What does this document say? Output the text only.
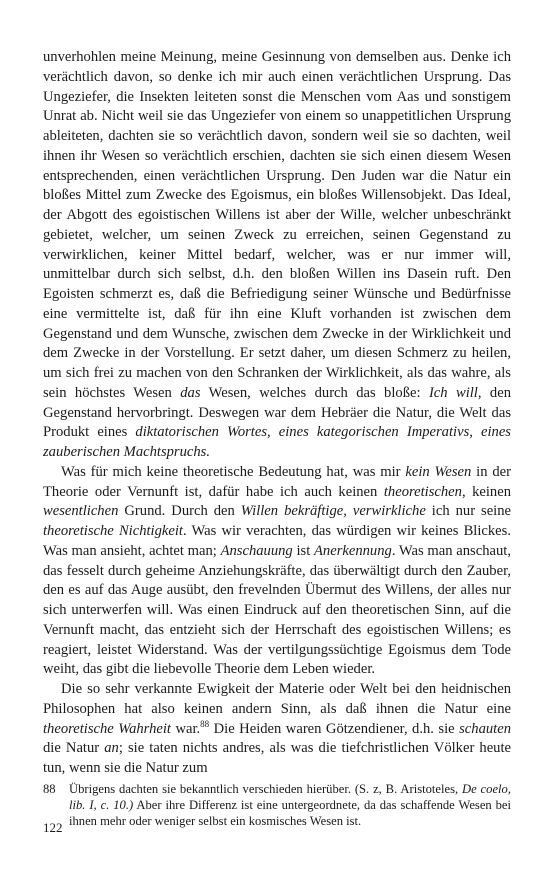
unverhohlen meine Meinung, meine Gesinnung von demselben aus. Denke ich verächtlich davon, so denke ich mir auch einen verächtlichen Ursprung. Das Ungeziefer, die Insekten leiteten sonst die Menschen vom Aas und sonstigem Unrat ab. Nicht weil sie das Ungeziefer von einem so unappetitlichen Ursprung ableiteten, dachten sie so verächtlich davon, sondern weil sie so dachten, weil ihnen ihr Wesen so verächtlich erschien, dachten sie sich einen diesem Wesen entsprechenden, einen verächtlichen Ursprung. Den Juden war die Natur ein bloßes Mittel zum Zwecke des Egoismus, ein bloßes Willensobjekt. Das Ideal, der Abgott des egoistischen Willens ist aber der Wille, welcher unbeschränkt gebietet, welcher, um seinen Zweck zu erreichen, seinen Gegenstand zu verwirklichen, keiner Mittel bedarf, welcher, was er nur immer will, unmittelbar durch sich selbst, d.h. den bloßen Willen ins Dasein ruft. Den Egoisten schmerzt es, daß die Befriedigung seiner Wünsche und Bedürfnisse eine vermittelte ist, daß für ihn eine Kluft vorhanden ist zwischen dem Gegenstand und dem Wunsche, zwischen dem Zwecke in der Wirklichkeit und dem Zwecke in der Vorstellung. Er setzt daher, um diesen Schmerz zu heilen, um sich frei zu machen von den Schranken der Wirklichkeit, als das wahre, als sein höchstes Wesen das Wesen, welches durch das bloße: Ich will, den Gegenstand hervorbringt. Deswegen war dem Hebräer die Natur, die Welt das Produkt eines diktatorischen Wortes, eines kategorischen Imperativs, eines zauberischen Machtspruchs.

Was für mich keine theoretische Bedeutung hat, was mir kein Wesen in der Theorie oder Vernunft ist, dafür habe ich auch keinen theoretischen, keinen wesentlichen Grund. Durch den Willen bekräftige, verwirkliche ich nur seine theoretische Nichtigkeit. Was wir verachten, das würdigen wir keines Blickes. Was man ansieht, achtet man; Anschauung ist Anerkennung. Was man anschaut, das fesselt durch geheime Anziehungskräfte, das überwältigt durch den Zauber, den es auf das Auge ausübt, den frevelnden Übermut des Willens, der alles nur sich unterwerfen will. Was einen Eindruck auf den theoretischen Sinn, auf die Vernunft macht, das entzieht sich der Herrschaft des egoistischen Willens; es reagiert, leistet Widerstand. Was der vertilgungssüchtige Egoismus dem Tode weiht, das gibt die liebevolle Theorie dem Leben wieder.

Die so sehr verkannte Ewigkeit der Materie oder Welt bei den heidnischen Philosophen hat also keinen andern Sinn, als daß ihnen die Natur eine theoretische Wahrheit war.$^{88}$ Die Heiden waren Götzendiener, d.h. sie schauten die Natur an; sie taten nichts andres, als was die tiefchristlichen Völker heute tun, wenn sie die Natur zum

88	Übrigens dachten sie bekanntlich verschieden hierüber. (S. z, B. Aristoteles, De coelo, lib. I, c. 10.) Aber ihre Differenz ist eine untergeordnete, da das schaffende Wesen bei ihnen mehr oder weniger selbst ein kosmisches Wesen ist.
122
